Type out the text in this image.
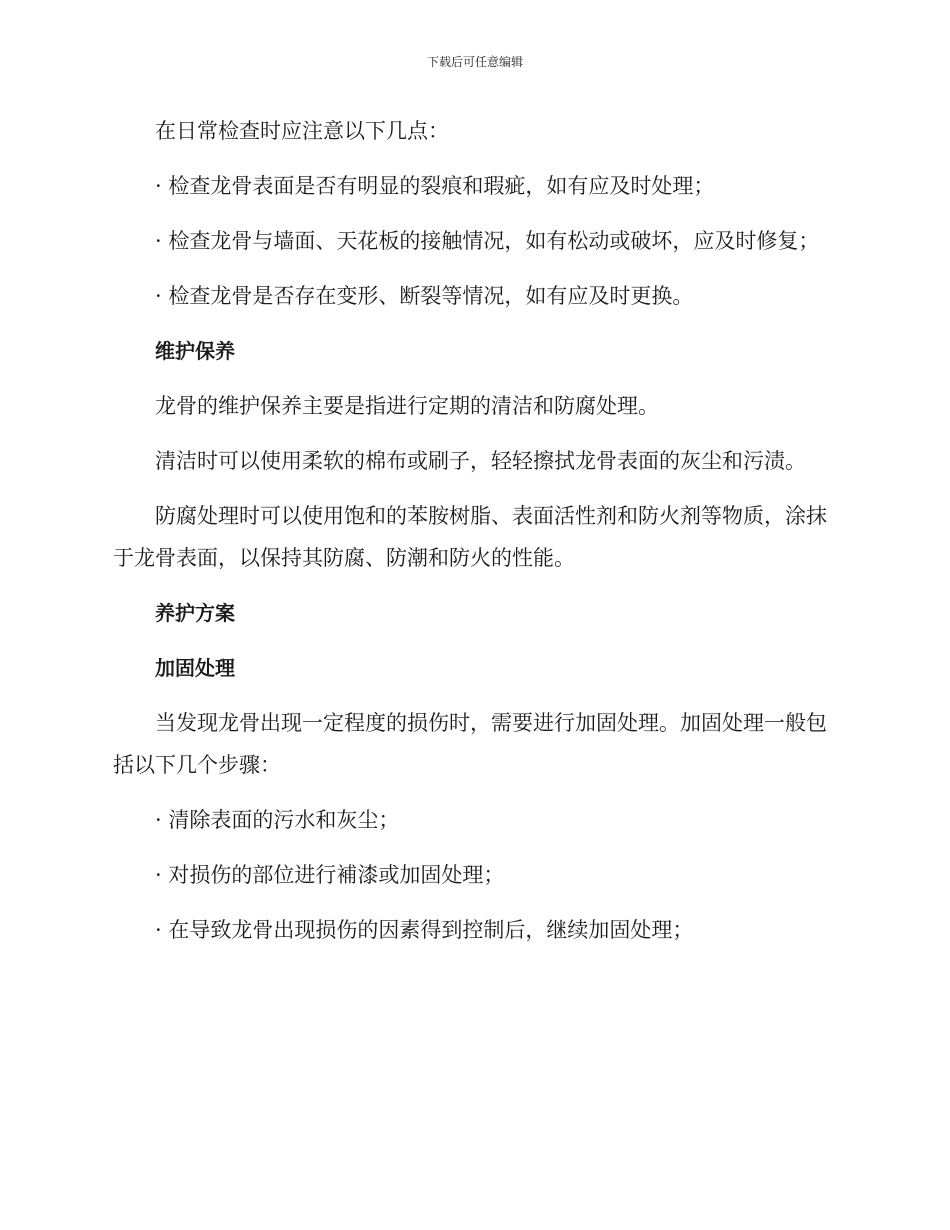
下载后可任意编辑

在日常检查时应注意以下几点：

· 检查龙骨表面是否有明显的裂痕和瑕疵，如有应及时处理；

· 检查龙骨与墙面、天花板的接触情况，如有松动或破坏，应及时修复；

· 检查龙骨是否存在变形、断裂等情况，如有应及时更换。

维护保养

龙骨的维护保养主要是指进行定期的清洁和防腐处理。

清洁时可以使用柔软的棉布或刷子，轻轻擦拭龙骨表面的灰尘和污渍。

防腐处理时可以使用饱和的苯胺树脂、表面活性剂和防火剂等物质，涂抹于龙骨表面，以保持其防腐、防潮和防火的性能。

养护方案

加固处理

当发现龙骨出现一定程度的损伤时，需要进行加固处理。加固处理一般包括以下几个步骤：

· 清除表面的污水和灰尘；

· 对损伤的部位进行補漆或加固处理；

· 在导致龙骨出现损伤的因素得到控制后，继续加固处理；
